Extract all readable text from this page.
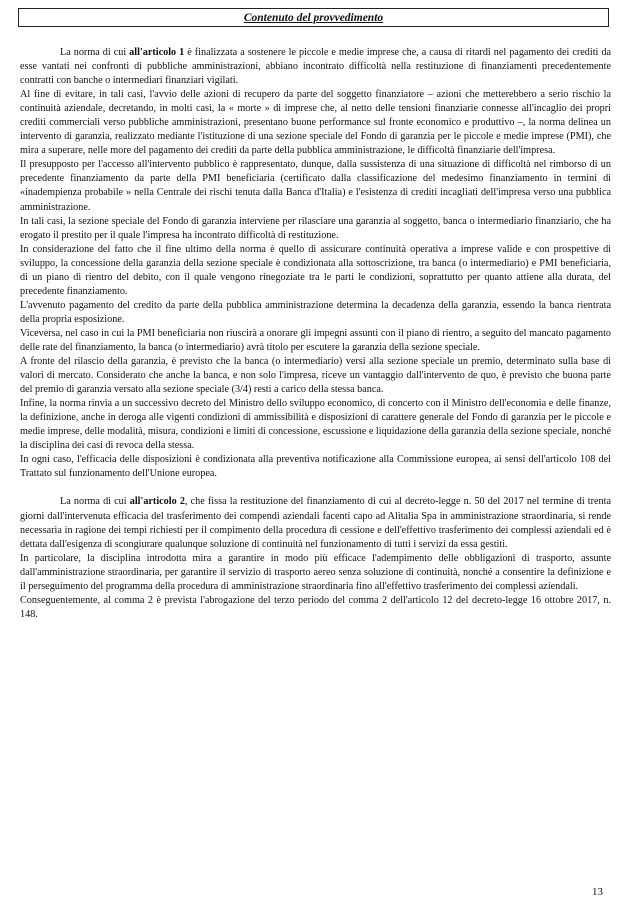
Contenuto del provvedimento

La norma di cui all'articolo 1 è finalizzata a sostenere le piccole e medie imprese che, a causa di ritardi nel pagamento dei crediti da esse vantati nei confronti di pubbliche amministrazioni, abbiano incontrato difficoltà nella restituzione di finanziamenti precedentemente contratti con banche o intermediari finanziari vigilati.

Al fine di evitare, in tali casi, l'avvio delle azioni di recupero da parte del soggetto finanziatore – azioni che metterebbero a serio rischio la continuità aziendale, decretando, in molti casi, la « morte » di imprese che, al netto delle tensioni finanziarie connesse all'incaglio dei propri crediti commerciali verso pubbliche amministrazioni, presentano buone performance sul fronte economico e produttivo –, la norma delinea un intervento di garanzia, realizzato mediante l'istituzione di una sezione speciale del Fondo di garanzia per le piccole e medie imprese (PMI), che mira a superare, nelle more del pagamento dei crediti da parte della pubblica amministrazione, le difficoltà finanziarie dell'impresa.

Il presupposto per l'accesso all'intervento pubblico è rappresentato, dunque, dalla sussistenza di una situazione di difficoltà nel rimborso di un precedente finanziamento da parte della PMI beneficiaria (certificato dalla classificazione del medesimo finanziamento in termini di «inadempienza probabile » nella Centrale dei rischi tenuta dalla Banca d'Italia) e l'esistenza di crediti incagliati dell'impresa verso una pubblica amministrazione.

In tali casi, la sezione speciale del Fondo di garanzia interviene per rilasciare una garanzia al soggetto, banca o intermediario finanziario, che ha erogato il prestito per il quale l'impresa ha incontrato difficoltà di restituzione.

In considerazione del fatto che il fine ultimo della norma è quello di assicurare continuità operativa a imprese valide e con prospettive di sviluppo, la concessione della garanzia della sezione speciale è condizionata alla sottoscrizione, tra banca (o intermediario) e PMI beneficiaria, di un piano di rientro del debito, con il quale vengono rinegoziate tra le parti le condizioni, soprattutto per quanto attiene alla durata, del precedente finanziamento.

L'avvenuto pagamento del credito da parte della pubblica amministrazione determina la decadenza della garanzia, essendo la banca rientrata della propria esposizione.

Viceversa, nel caso in cui la PMI beneficiaria non riuscirà a onorare gli impegni assunti con il piano di rientro, a seguito del mancato pagamento delle rate del finanziamento, la banca (o intermediario) avrà titolo per escutere la garanzia della sezione speciale.

A fronte del rilascio della garanzia, è previsto che la banca (o intermediario) versi alla sezione speciale un premio, determinato sulla base di valori di mercato. Considerato che anche la banca, e non solo l'impresa, riceve un vantaggio dall'intervento de quo, è previsto che buona parte del premio di garanzia versato alla sezione speciale (3/4) resti a carico della stessa banca.

Infine, la norma rinvia a un successivo decreto del Ministro dello sviluppo economico, di concerto con il Ministro dell'economia e delle finanze, la definizione, anche in deroga alle vigenti condizioni di ammissibilità e disposizioni di carattere generale del Fondo di garanzia per le piccole e medie imprese, delle modalità, misura, condizioni e limiti di concessione, escussione e liquidazione della garanzia della sezione speciale, nonché la disciplina dei casi di revoca della stessa.

In ogni caso, l'efficacia delle disposizioni è condizionata alla preventiva notificazione alla Commissione europea, ai sensi dell'articolo 108 del Trattato sul funzionamento dell'Unione europea.

La norma di cui all'articolo 2, che fissa la restituzione del finanziamento di cui al decreto-legge n. 50 del 2017 nel termine di trenta giorni dall'intervenuta efficacia del trasferimento dei compendi aziendali facenti capo ad Alitalia Spa in amministrazione straordinaria, si rende necessaria in ragione dei tempi richiesti per il compimento della procedura di cessione e dell'effettivo trasferimento dei complessi aziendali ed è dettata dall'esigenza di scongiurare qualunque soluzione di continuità nel funzionamento di tutti i servizi da essa gestiti.

In particolare, la disciplina introdotta mira a garantire in modo più efficace l'adempimento delle obbligazioni di trasporto, assunte dall'amministrazione straordinaria, per garantire il servizio di trasporto aereo senza soluzione di continuità, nonché a consentire la definizione e il perseguimento del programma della procedura di amministrazione straordinaria fino all'effettivo trasferimento dei complessi aziendali.

Conseguentemente, al comma 2 è prevista l'abrogazione del terzo periodo del comma 2 dell'articolo 12 del decreto-legge 16 ottobre 2017, n. 148.

13
